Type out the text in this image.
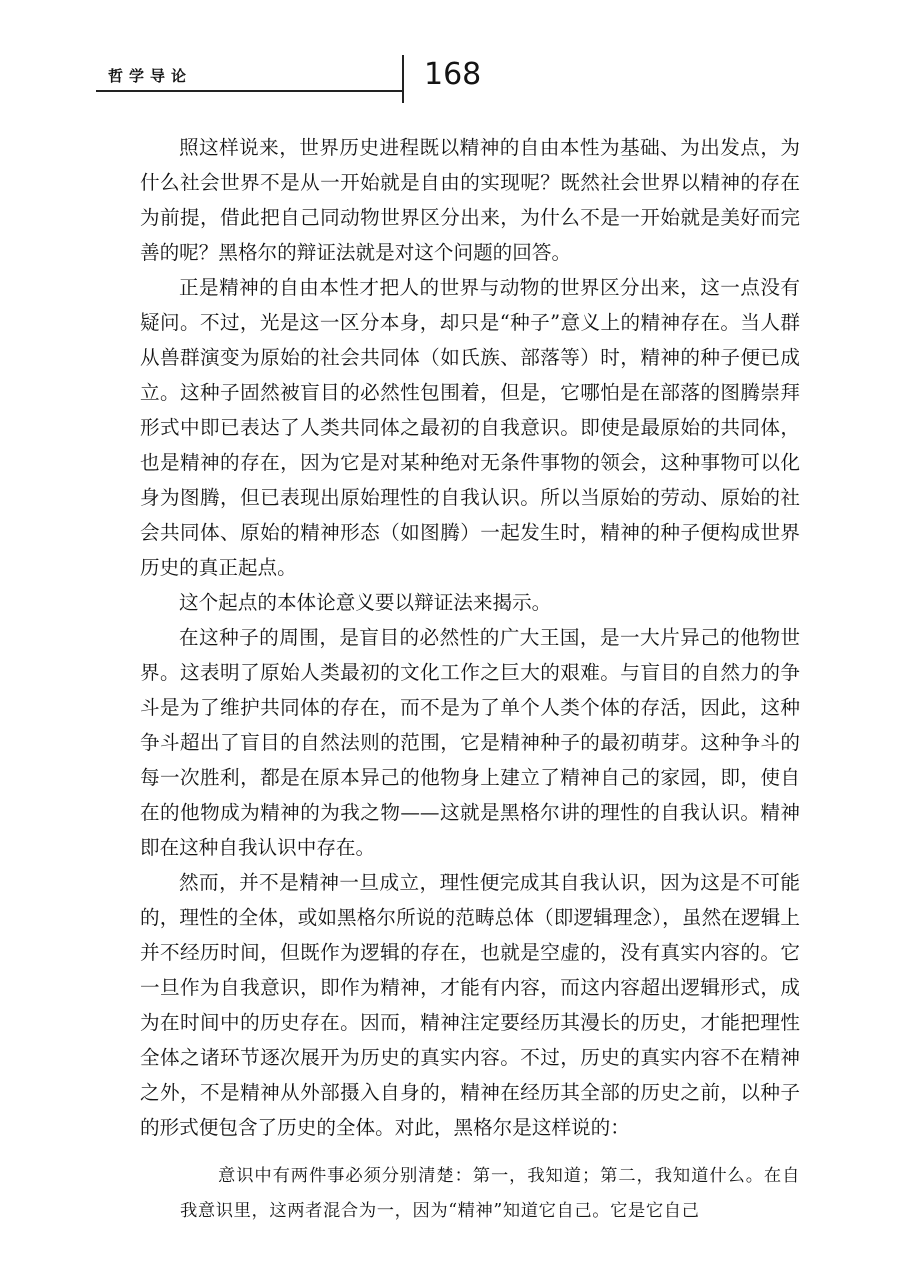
哲学导论	168

照这样说来，世界历史进程既以精神的自由本性为基础、为出发点，为什么社会世界不是从一开始就是自由的实现呢？既然社会世界以精神的存在为前提，借此把自己同动物世界区分出来，为什么不是一开始就是美好而完善的呢？黑格尔的辩证法就是对这个问题的回答。

正是精神的自由本性才把人的世界与动物的世界区分出来，这一点没有疑问。不过，光是这一区分本身，却只是“种子”意义上的精神存在。当人群从兽群演变为原始的社会共同体（如氏族、部落等）时，精神的种子便已成立。这种子固然被盲目的必然性包围着，但是，它哪怕是在部落的图腾崇拜形式中即已表达了人类共同体之最初的自我意识。即使是最原始的共同体，也是精神的存在，因为它是对某种绝对无条件事物的领会，这种事物可以化身为图腾，但已表现出原始理性的自我认识。所以当原始的劳动、原始的社会共同体、原始的精神形态（如图腾）一起发生时，精神的种子便构成世界历史的真正起点。

这个起点的本体论意义要以辩证法来揭示。

在这种子的周围，是盲目的必然性的广大王国，是一大片异己的他物世界。这表明了原始人类最初的文化工作之巨大的艰难。与盲目的自然力的争斗是为了维护共同体的存在，而不是为了单个人类个体的存活，因此，这种争斗超出了盲目的自然法则的范围，它是精神种子的最初萌芽。这种争斗的每一次胜利，都是在原本异己的他物身上建立了精神自己的家园，即，使自在的他物成为精神的为我之物——这就是黑格尔讲的理性的自我认识。精神即在这种自我认识中存在。

然而，并不是精神一旦成立，理性便完成其自我认识，因为这是不可能的，理性的全体，或如黑格尔所说的范畴总体（即逻辑理念），虽然在逻辑上并不经历时间，但既作为逻辑的存在，也就是空虚的，没有真实内容的。它一旦作为自我意识，即作为精神，才能有内容，而这内容超出逻辑形式，成为在时间中的历史存在。因而，精神注定要经历其漫长的历史，才能把理性全体之诸环节逐次展开为历史的真实内容。不过，历史的真实内容不在精神之外，不是精神从外部摄入自身的，精神在经历其全部的历史之前，以种子的形式便包含了历史的全体。对此，黑格尔是这样说的：

意识中有两件事必须分别清楚：第一，我知道；第二，我知道什么。在自我意识里，这两者混合为一，因为“精神”知道它自己。它是它自己
